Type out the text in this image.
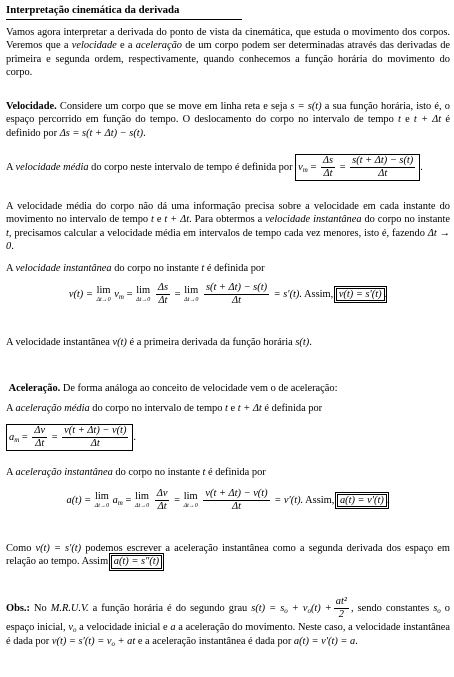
Interpretação cinemática da derivada

Vamos agora interpretar a derivada do ponto de vista da cinemática, que estuda o movimento dos corpos. Veremos que a velocidade e a aceleração de um corpo podem ser determinadas através das derivadas de primeira e segunda ordem, respectivamente, quando conhecemos a função horária do movimento do corpo.

Velocidade. Considere um corpo que se move em linha reta e seja s = s(t) a sua função horária, isto é, o espaço percorrido em função do tempo. O deslocamento do corpo no intervalo de tempo t e t + Δt é definido por Δs = s(t + Δt) − s(t).

A velocidade média do corpo neste intervalo de tempo é definida por $v_m = \frac{\Delta s}{\Delta t} = \frac{s(t + \Delta t) - s(t)}{\Delta t}$ .

A velocidade média do corpo não dá uma informação precisa sobre a velocidade em cada instante do movimento no intervalo de tempo t e t + Δt. Para obtermos a velocidade instantânea do corpo no instante t, precisamos calcular a velocidade média em intervalos de tempo cada vez menores, isto é, fazendo Δt → 0.

A velocidade instantânea do corpo no instante t é definida por

v(t) = lim
Δt→0 $v_m = \lim$
Δt→0
$\frac{\Delta s}{\Delta t} = \lim$
Δt→0
$\frac{s(t + \Delta t) - s(t)}{\Delta t} = s'(t)$. Assim, v(t) = s′(t) .

A velocidade instantânea v(t) é a primeira derivada da função horária s(t).

Aceleração. De forma análoga ao conceito de velocidade vem o de aceleração:

A aceleração média do corpo no intervalo de tempo t e t + Δt é definida por

$a_m = \frac{\Delta v}{\Delta t} = \frac{v(t + \Delta t) - v(t)}{\Delta t}$ .

A aceleração instantânea do corpo no instante t é definida por

a(t) = lim
Δt→0 $a_m = \lim$
Δt→0
$\frac{\Delta v}{\Delta t} = \lim$
Δt→0
$\frac{v(t + \Delta t) - v(t)}{\Delta t} = v'(t)$. Assim, a(t) = v′(t) .

Como v(t) = s′(t) podemos escrever a aceleração instantânea como a segunda derivada dos espaço em relação ao tempo. Assim a(t) = s″(t) .

Obs.: No M.R.U.V. a função horária é do segundo grau $s(t) = s_o + v_o(t) + \frac{\text{at²}}{2}$ , sendo constantes $s_o$ o espaço inicial, $v_o$ a velocidade inicial e a a aceleração do movimento. Neste caso, a velocidade instantânea é dada por $v(t) = s'(t) = v_o$ + at e a aceleração instantânea é dada por a(t) = v′(t) = a.
